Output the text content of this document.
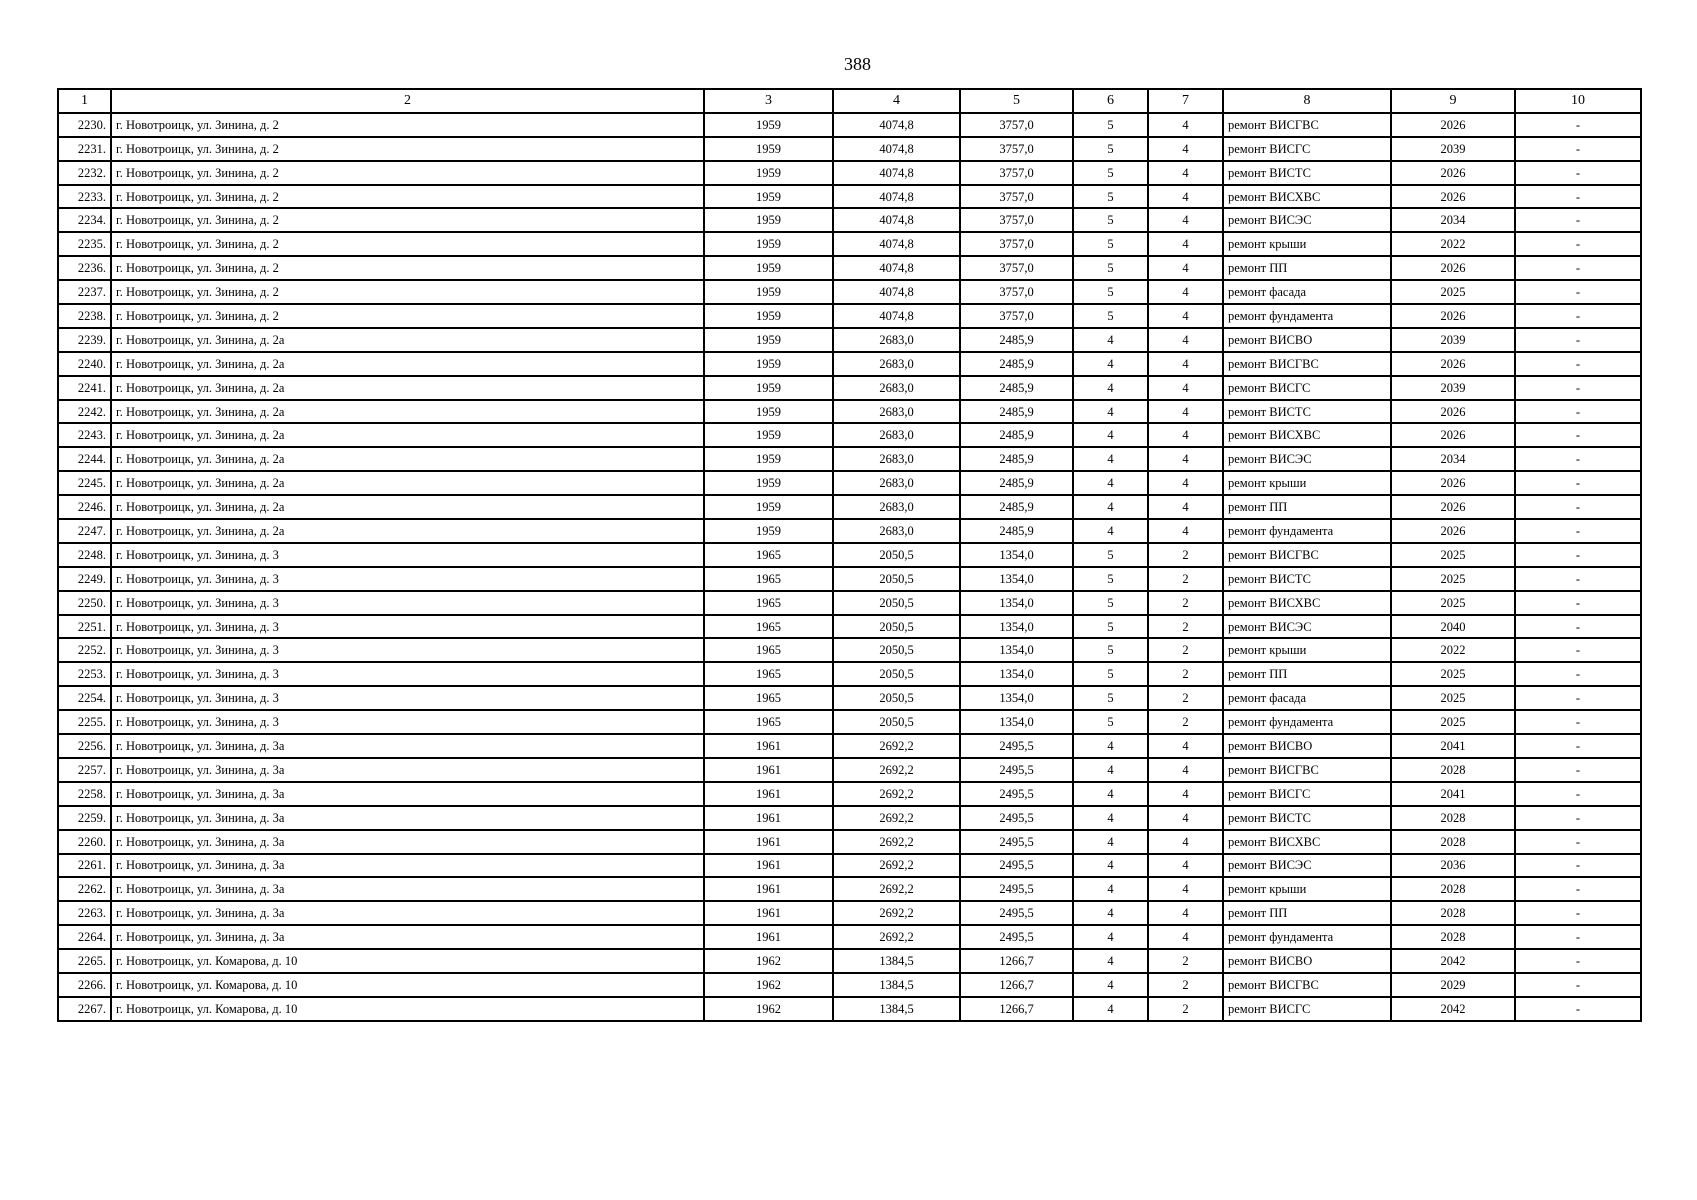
388
1	2	3	4	5	6	7	8	9	10
2230.	г. Новотроицк, ул. Зинина, д. 2	1959	4074,8	3757,0	5	4	ремонт ВИСГВС	2026	-
2231.	г. Новотроицк, ул. Зинина, д. 2	1959	4074,8	3757,0	5	4	ремонт ВИСГС	2039	-
2232.	г. Новотроицк, ул. Зинина, д. 2	1959	4074,8	3757,0	5	4	ремонт ВИСТС	2026	-
2233.	г. Новотроицк, ул. Зинина, д. 2	1959	4074,8	3757,0	5	4	ремонт ВИСХВС	2026	-
2234.	г. Новотроицк, ул. Зинина, д. 2	1959	4074,8	3757,0	5	4	ремонт ВИСЭС	2034	-
2235.	г. Новотроицк, ул. Зинина, д. 2	1959	4074,8	3757,0	5	4	ремонт крыши	2022	-
2236.	г. Новотроицк, ул. Зинина, д. 2	1959	4074,8	3757,0	5	4	ремонт ПП	2026	-
2237.	г. Новотроицк, ул. Зинина, д. 2	1959	4074,8	3757,0	5	4	ремонт фасада	2025	-
2238.	г. Новотроицк, ул. Зинина, д. 2	1959	4074,8	3757,0	5	4	ремонт фундамента	2026	-
2239.	г. Новотроицк, ул. Зинина, д. 2а	1959	2683,0	2485,9	4	4	ремонт ВИСВО	2039	-
2240.	г. Новотроицк, ул. Зинина, д. 2а	1959	2683,0	2485,9	4	4	ремонт ВИСГВС	2026	-
2241.	г. Новотроицк, ул. Зинина, д. 2а	1959	2683,0	2485,9	4	4	ремонт ВИСГС	2039	-
2242.	г. Новотроицк, ул. Зинина, д. 2а	1959	2683,0	2485,9	4	4	ремонт ВИСТС	2026	-
2243.	г. Новотроицк, ул. Зинина, д. 2а	1959	2683,0	2485,9	4	4	ремонт ВИСХВС	2026	-
2244.	г. Новотроицк, ул. Зинина, д. 2а	1959	2683,0	2485,9	4	4	ремонт ВИСЭС	2034	-
2245.	г. Новотроицк, ул. Зинина, д. 2а	1959	2683,0	2485,9	4	4	ремонт крыши	2026	-
2246.	г. Новотроицк, ул. Зинина, д. 2а	1959	2683,0	2485,9	4	4	ремонт ПП	2026	-
2247.	г. Новотроицк, ул. Зинина, д. 2а	1959	2683,0	2485,9	4	4	ремонт фундамента	2026	-
2248.	г. Новотроицк, ул. Зинина, д. 3	1965	2050,5	1354,0	5	2	ремонт ВИСГВС	2025	-
2249.	г. Новотроицк, ул. Зинина, д. 3	1965	2050,5	1354,0	5	2	ремонт ВИСТС	2025	-
2250.	г. Новотроицк, ул. Зинина, д. 3	1965	2050,5	1354,0	5	2	ремонт ВИСХВС	2025	-
2251.	г. Новотроицк, ул. Зинина, д. 3	1965	2050,5	1354,0	5	2	ремонт ВИСЭС	2040	-
2252.	г. Новотроицк, ул. Зинина, д. 3	1965	2050,5	1354,0	5	2	ремонт крыши	2022	-
2253.	г. Новотроицк, ул. Зинина, д. 3	1965	2050,5	1354,0	5	2	ремонт ПП	2025	-
2254.	г. Новотроицк, ул. Зинина, д. 3	1965	2050,5	1354,0	5	2	ремонт фасада	2025	-
2255.	г. Новотроицк, ул. Зинина, д. 3	1965	2050,5	1354,0	5	2	ремонт фундамента	2025	-
2256.	г. Новотроицк, ул. Зинина, д. 3а	1961	2692,2	2495,5	4	4	ремонт ВИСВО	2041	-
2257.	г. Новотроицк, ул. Зинина, д. 3а	1961	2692,2	2495,5	4	4	ремонт ВИСГВС	2028	-
2258.	г. Новотроицк, ул. Зинина, д. 3а	1961	2692,2	2495,5	4	4	ремонт ВИСГС	2041	-
2259.	г. Новотроицк, ул. Зинина, д. 3а	1961	2692,2	2495,5	4	4	ремонт ВИСТС	2028	-
2260.	г. Новотроицк, ул. Зинина, д. 3а	1961	2692,2	2495,5	4	4	ремонт ВИСХВС	2028	-
2261.	г. Новотроицк, ул. Зинина, д. 3а	1961	2692,2	2495,5	4	4	ремонт ВИСЭС	2036	-
2262.	г. Новотроицк, ул. Зинина, д. 3а	1961	2692,2	2495,5	4	4	ремонт крыши	2028	-
2263.	г. Новотроицк, ул. Зинина, д. 3а	1961	2692,2	2495,5	4	4	ремонт ПП	2028	-
2264.	г. Новотроицк, ул. Зинина, д. 3а	1961	2692,2	2495,5	4	4	ремонт фундамента	2028	-
2265.	г. Новотроицк, ул. Комарова, д. 10	1962	1384,5	1266,7	4	2	ремонт ВИСВО	2042	-
2266.	г. Новотроицк, ул. Комарова, д. 10	1962	1384,5	1266,7	4	2	ремонт ВИСГВС	2029	-
2267.	г. Новотроицк, ул. Комарова, д. 10	1962	1384,5	1266,7	4	2	ремонт ВИСГС	2042	-
